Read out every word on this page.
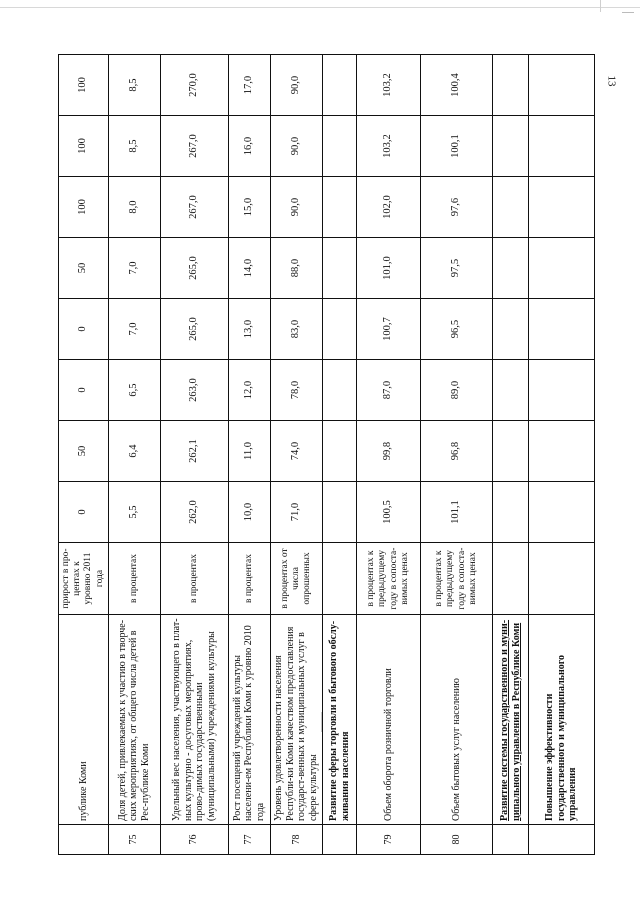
13
	публике Коми	прирост в про-центах к уровню 2011 года	0	50	0	0	50	100	100	100
75	Доля детей, привлекаемых к участию в творче-ских мероприятиях, от общего числа детей в Рес-публике Коми	в процентах	5,5	6,4	6,5	7,0	7,0	8,0	8,5	8,5
76	Удельный вес населения, участвующего в плат-ных культурно - досуговых мероприятиях, прово-димых государственными (муниципальными) учреждениями культуры	в процентах	262,0	262,1	263,0	265,0	265,0	267,0	267,0	270,0
77	Рост посещений учреждений культуры населени-ем Республики Коми к уровню 2010 года	в процентах	10,0	11,0	12,0	13,0	14,0	15,0	16,0	17,0
78	Уровень удовлетворенности населения Республи-ки Коми качеством предоставления государст-венных и муниципальных услуг в сфере культуры	в процентах от числа опрошенных	71,0	74,0	78,0	83,0	88,0	90,0	90,0	90,0
	Развитие сферы торговли и бытового обслу-живания населения									
79	Объем оборота розничной торговли	в процентах к предыдущему году в сопоста-вимых ценах	100,5	99,8	87,0	100,7	101,0	102,0	103,2	103,2
80	Объем бытовых услуг населению	в процентах к предыдущему году в сопоста-вимых ценах	101,1	96,8	89,0	96,5	97,5	97,6	100,1	100,4
	Развитие системы государственного и муни-ципального управления в Республике Коми									
	Повышение эффективности государственного и муниципального управления									
